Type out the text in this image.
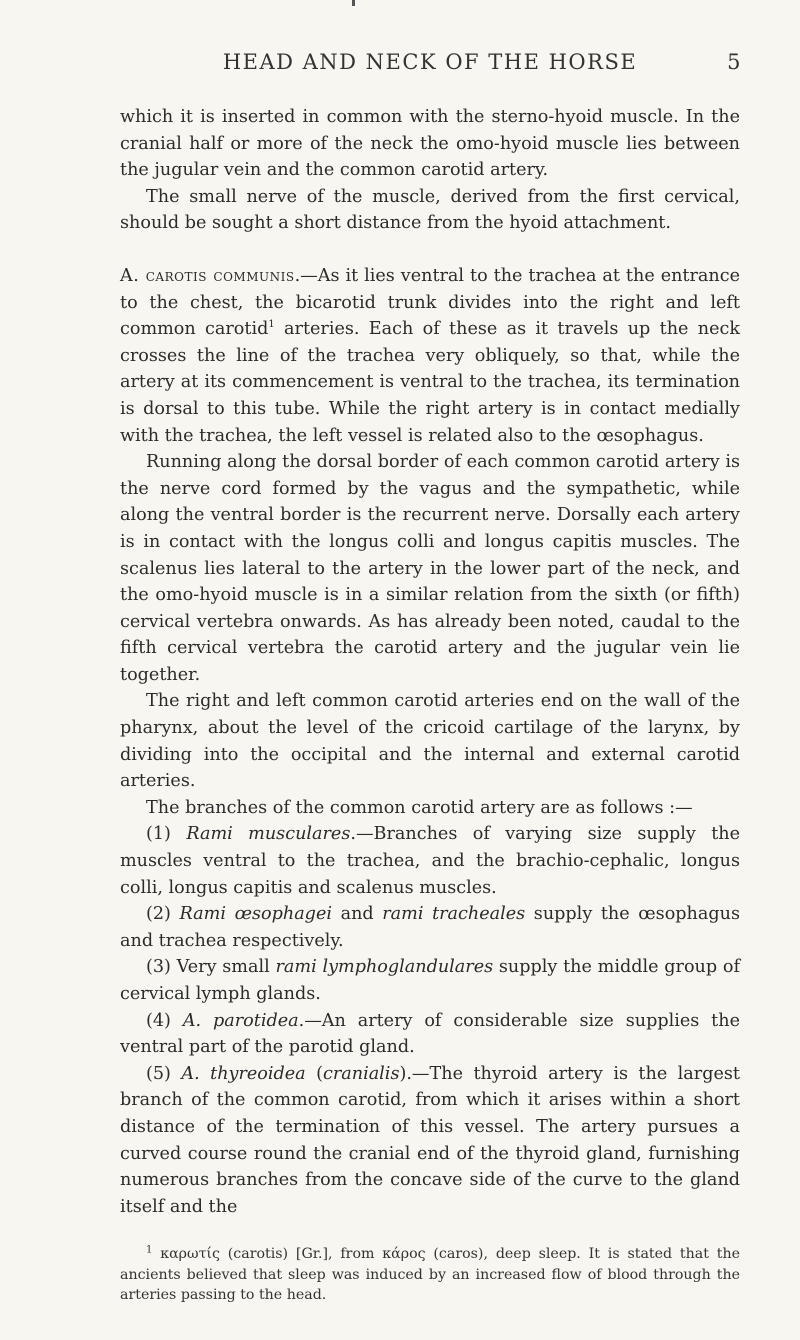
HEAD AND NECK OF THE HORSE	5

which it is inserted in common with the sterno-hyoid muscle. In the cranial half or more of the neck the omo-hyoid muscle lies between the jugular vein and the common carotid artery.

The small nerve of the muscle, derived from the first cervical, should be sought a short distance from the hyoid attachment.

A. carotis communis.—As it lies ventral to the trachea at the entrance to the chest, the bicarotid trunk divides into the right and left common carotid$^1$ arteries. Each of these as it travels up the neck crosses the line of the trachea very obliquely, so that, while the artery at its commencement is ventral to the trachea, its termination is dorsal to this tube. While the right artery is in contact medially with the trachea, the left vessel is related also to the œsophagus.

Running along the dorsal border of each common carotid artery is the nerve cord formed by the vagus and the sympathetic, while along the ventral border is the recurrent nerve. Dorsally each artery is in contact with the longus colli and longus capitis muscles. The scalenus lies lateral to the artery in the lower part of the neck, and the omo-hyoid muscle is in a similar relation from the sixth (or fifth) cervical vertebra onwards. As has already been noted, caudal to the fifth cervical vertebra the carotid artery and the jugular vein lie together.

The right and left common carotid arteries end on the wall of the pharynx, about the level of the cricoid cartilage of the larynx, by dividing into the occipital and the internal and external carotid arteries.

The branches of the common carotid artery are as follows :—

(1) Rami musculares.—Branches of varying size supply the muscles ventral to the trachea, and the brachio-cephalic, longus colli, longus capitis and scalenus muscles.

(2) Rami œsophagei and rami tracheales supply the œsophagus and trachea respectively.

(3) Very small rami lymphoglandulares supply the middle group of cervical lymph glands.

(4) A. parotidea.—An artery of considerable size supplies the ventral part of the parotid gland.

(5) A. thyreoidea (cranialis).—The thyroid artery is the largest branch of the common carotid, from which it arises within a short distance of the termination of this vessel. The artery pursues a curved course round the cranial end of the thyroid gland, furnishing numerous branches from the concave side of the curve to the gland itself and the

$^1$ καρωτίς (carotis) [Gr.], from κάρος (caros), deep sleep. It is stated that the ancients believed that sleep was induced by an increased flow of blood through the arteries passing to the head.
